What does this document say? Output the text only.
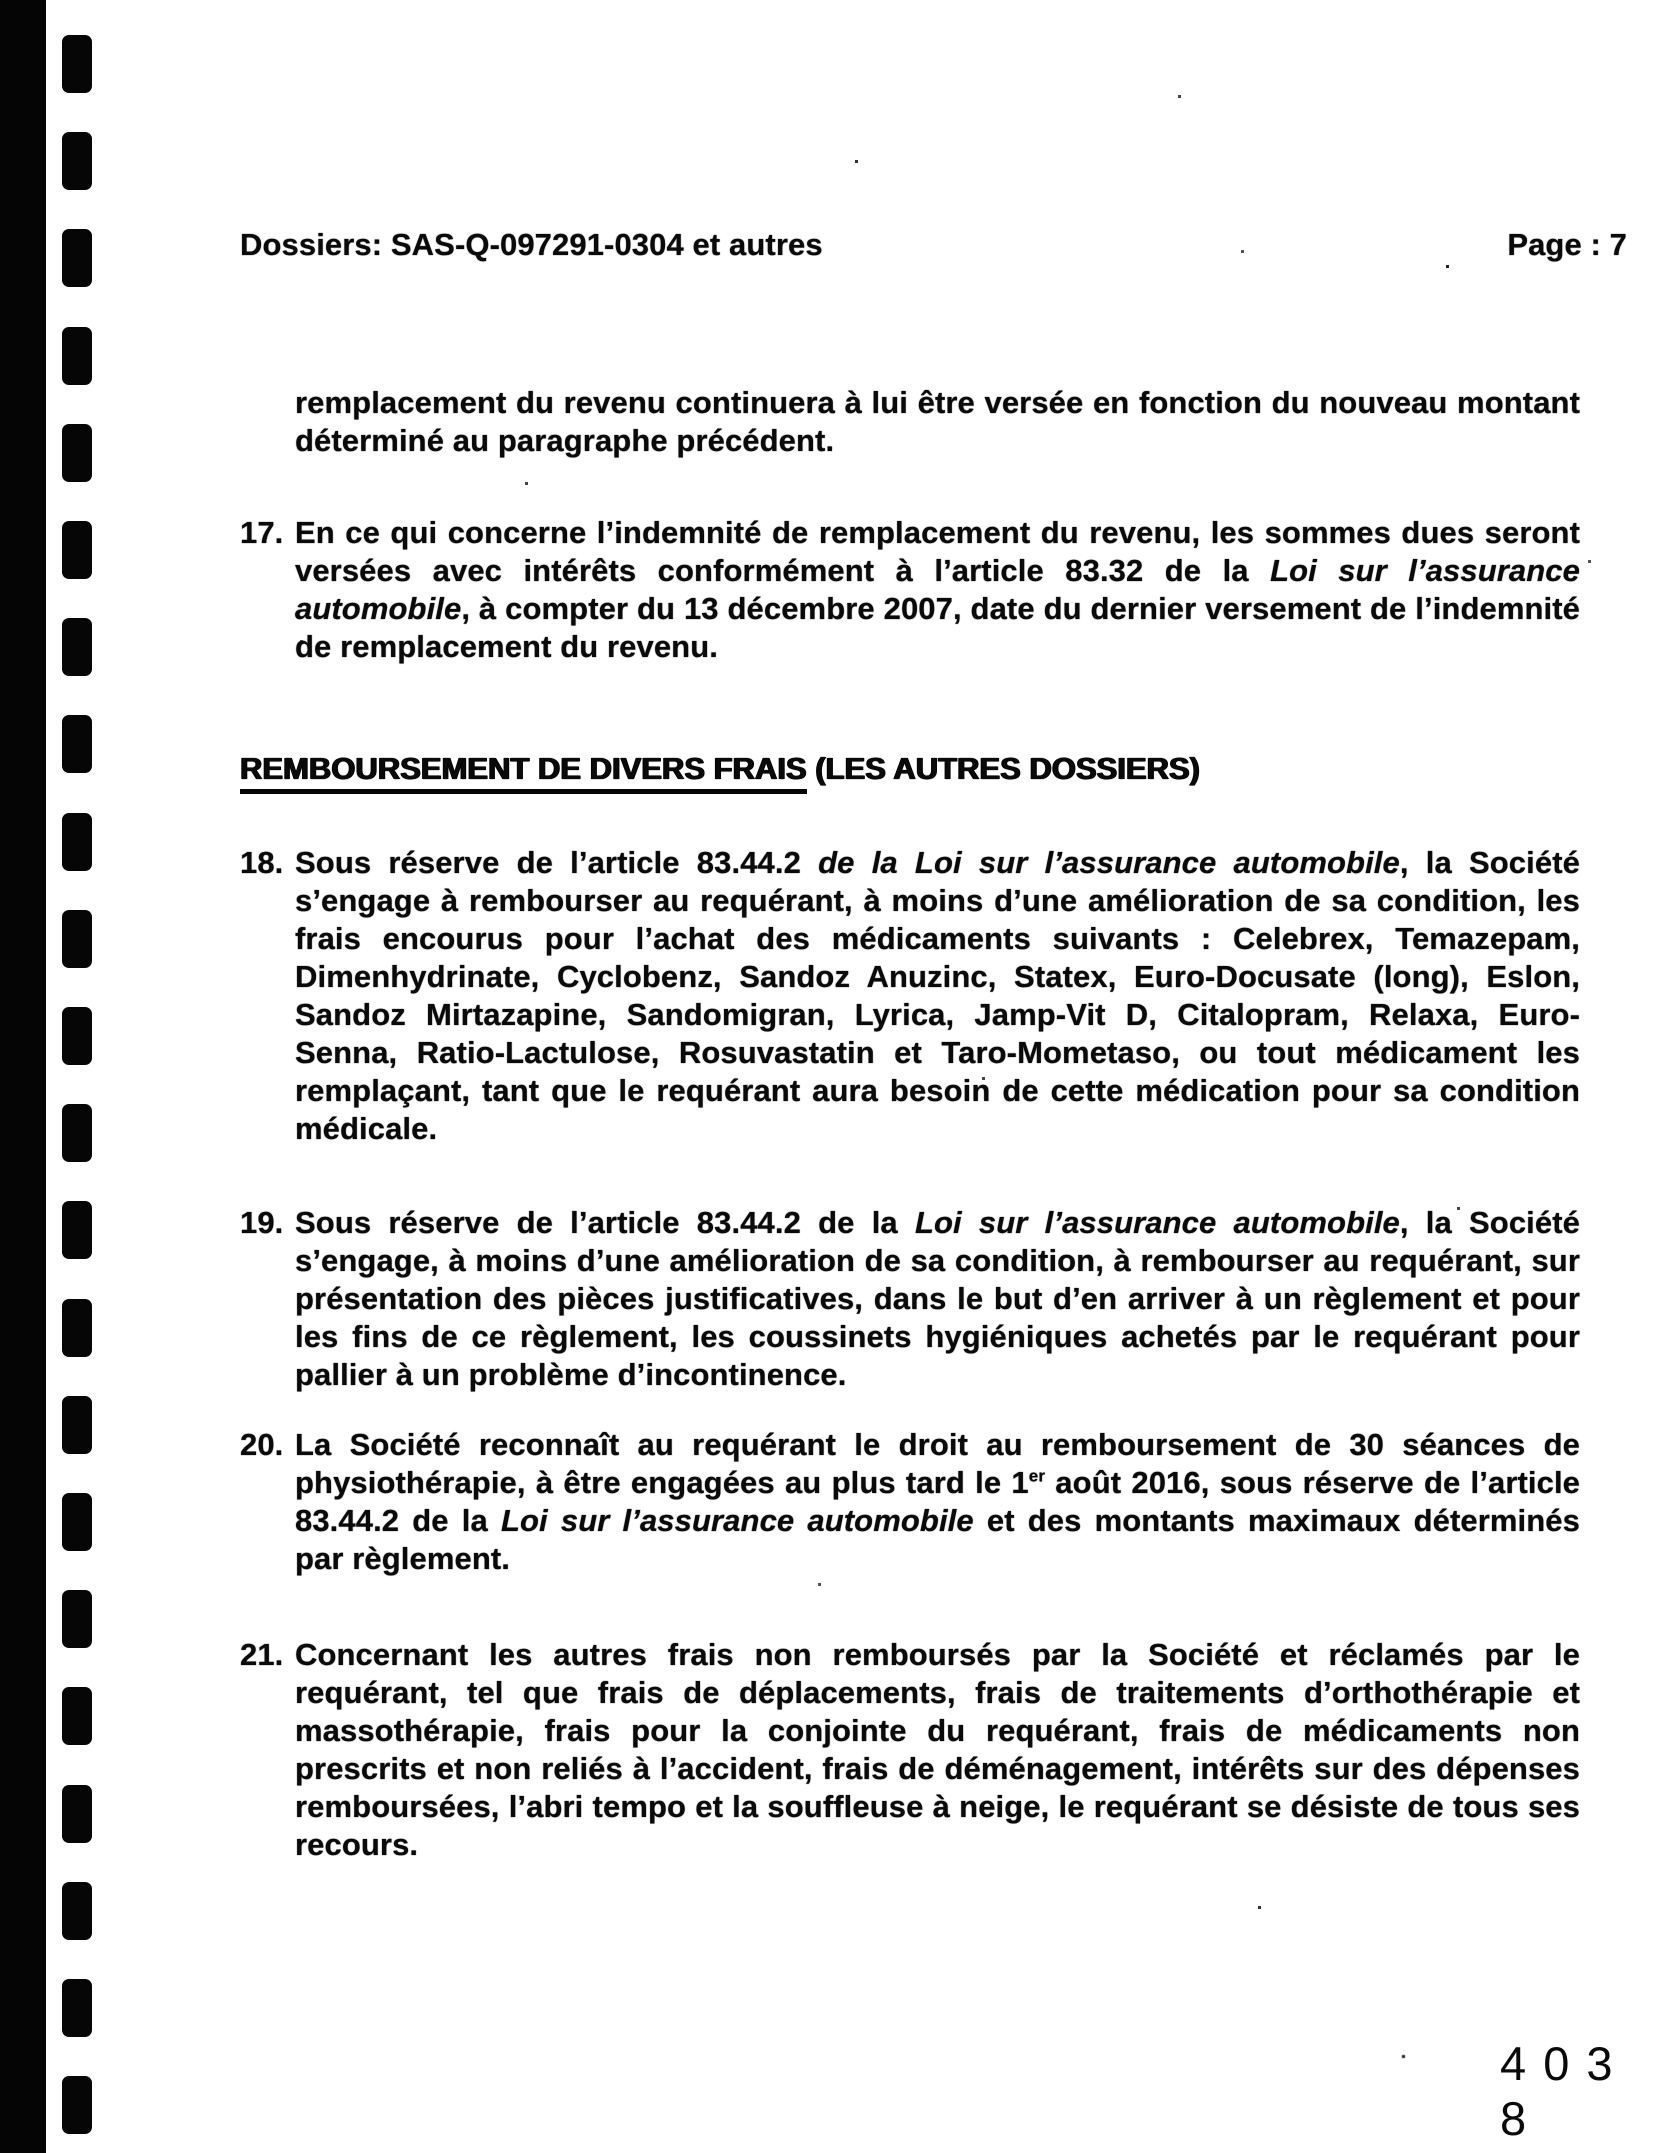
Dossiers: SAS-Q-097291-0304 et autres	Page : 7
remplacement du revenu continuera à lui être versée en fonction du nouveau montant déterminé au paragraphe précédent.
17. En ce qui concerne l’indemnité de remplacement du revenu, les sommes dues seront versées avec intérêts conformément à l’article 83.32 de la Loi sur l’assurance automobile, à compter du 13 décembre 2007, date du dernier versement de l’indemnité de remplacement du revenu.
REMBOURSEMENT DE DIVERS FRAIS (LES AUTRES DOSSIERS)
18. Sous réserve de l’article 83.44.2 de la Loi sur l’assurance automobile, la Société s’engage à rembourser au requérant, à moins d’une amélioration de sa condition, les frais encourus pour l’achat des médicaments suivants : Celebrex, Temazepam, Dimenhydrinate, Cyclobenz, Sandoz Anuzinc, Statex, Euro-Docusate (long), Eslon, Sandoz Mirtazapine, Sandomigran, Lyrica, Jamp-Vit D, Citalopram, Relaxa, Euro-Senna, Ratio-Lactulose, Rosuvastatin et Taro-Mometaso, ou tout médicament les remplaçant, tant que le requérant aura besoin de cette médication pour sa condition médicale.
19. Sous réserve de l’article 83.44.2 de la Loi sur l’assurance automobile, la Société s’engage, à moins d’une amélioration de sa condition, à rembourser au requérant, sur présentation des pièces justificatives, dans le but d’en arriver à un règlement et pour les fins de ce règlement, les coussinets hygiéniques achetés par le requérant pour pallier à un problème d’incontinence.
20. La Société reconnaît au requérant le droit au remboursement de 30 séances de physiothérapie, à être engagées au plus tard le 1er août 2016, sous réserve de l’article 83.44.2 de la Loi sur l’assurance automobile et des montants maximaux déterminés par règlement.
21. Concernant les autres frais non remboursés par la Société et réclamés par le requérant, tel que frais de déplacements, frais de traitements d’orthothérapie et massothérapie, frais pour la conjointe du requérant, frais de médicaments non prescrits et non reliés à l’accident, frais de déménagement, intérêts sur des dépenses remboursées, l’abri tempo et la souffleuse à neige, le requérant se désiste de tous ses recours.
4 0 3 8
